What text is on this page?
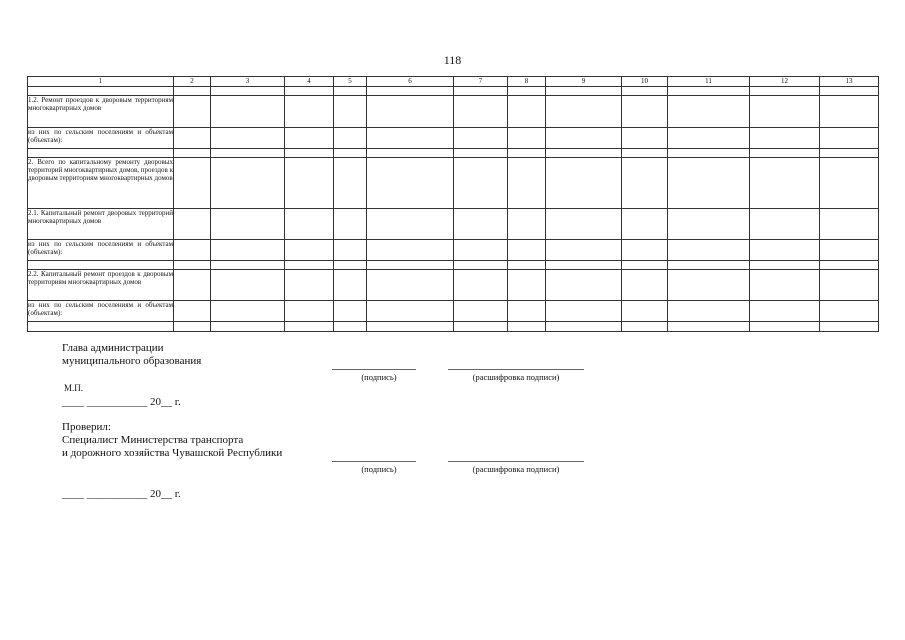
118
1	2	3	4	5	6	7	8	9	10	11	12	13

1.2. Ремонт проездов к дворовым территориям многоквартирных домов												
из них по сельским поселениям и объектам (объектам):												

2. Всего по капитальному ремонту дворовых территорий многоквартирных домов, проездов к дворовым территориям многоквартирных домов												
2.1. Капитальный ремонт дворовых территорий многоквартирных домов												
из них по сельским поселениям и объектам (объектам):												

2.2. Капитальный ремонт проездов к дворовым территориям многоквартирных домов												
из них по сельским поселениям и объектам (объектам):												

Глава администрации
муниципального образования
(подпись)	(расшифровка подписи)
М.П.
____ ___________ 20__ г.
Проверил:
Специалист Министерства транспорта
и дорожного хозяйства Чувашской Республики
(подпись)	(расшифровка подписи)
____ ___________ 20__ г.
